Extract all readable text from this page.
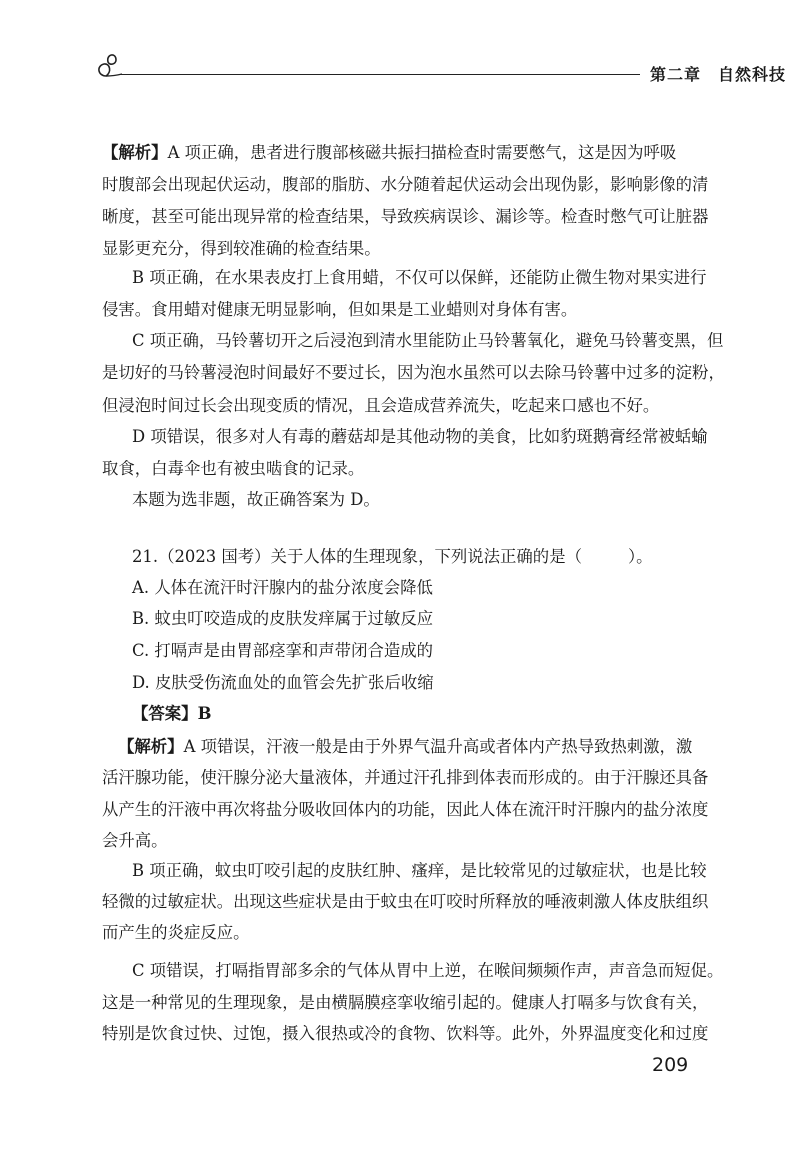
第二章　自然科技
【解析】A 项正确，患者进行腹部核磁共振扫描检查时需要憋气，这是因为呼吸
时腹部会出现起伏运动，腹部的脂肪、水分随着起伏运动会出现伪影，影响影像的清
晰度，甚至可能出现异常的检查结果，导致疾病误诊、漏诊等。检查时憋气可让脏器
显影更充分，得到较准确的检查结果。
B 项正确，在水果表皮打上食用蜡，不仅可以保鲜，还能防止微生物对果实进行
侵害。食用蜡对健康无明显影响，但如果是工业蜡则对身体有害。
C 项正确，马铃薯切开之后浸泡到清水里能防止马铃薯氧化，避免马铃薯变黑，但
是切好的马铃薯浸泡时间最好不要过长，因为泡水虽然可以去除马铃薯中过多的淀粉，
但浸泡时间过长会出现变质的情况，且会造成营养流失，吃起来口感也不好。
D 项错误，很多对人有毒的蘑菇却是其他动物的美食，比如豹斑鹅膏经常被蛞蝓
取食，白毒伞也有被虫啮食的记录。
本题为选非题，故正确答案为 D。
21.（2023 国考）关于人体的生理现象，下列说法正确的是（	）。
A. 人体在流汗时汗腺内的盐分浓度会降低
B. 蚊虫叮咬造成的皮肤发痒属于过敏反应
C. 打嗝声是由胃部痉挛和声带闭合造成的
D. 皮肤受伤流血处的血管会先扩张后收缩
【答案】B
【解析】A 项错误，汗液一般是由于外界气温升高或者体内产热导致热刺激，激
活汗腺功能，使汗腺分泌大量液体，并通过汗孔排到体表而形成的。由于汗腺还具备
从产生的汗液中再次将盐分吸收回体内的功能，因此人体在流汗时汗腺内的盐分浓度
会升高。
B 项正确，蚊虫叮咬引起的皮肤红肿、瘙痒，是比较常见的过敏症状，也是比较
轻微的过敏症状。出现这些症状是由于蚊虫在叮咬时所释放的唾液刺激人体皮肤组织
而产生的炎症反应。
C 项错误，打嗝指胃部多余的气体从胃中上逆，在喉间频频作声，声音急而短促。
这是一种常见的生理现象，是由横膈膜痉挛收缩引起的。健康人打嗝多与饮食有关，
特别是饮食过快、过饱，摄入很热或冷的食物、饮料等。此外，外界温度变化和过度
209
